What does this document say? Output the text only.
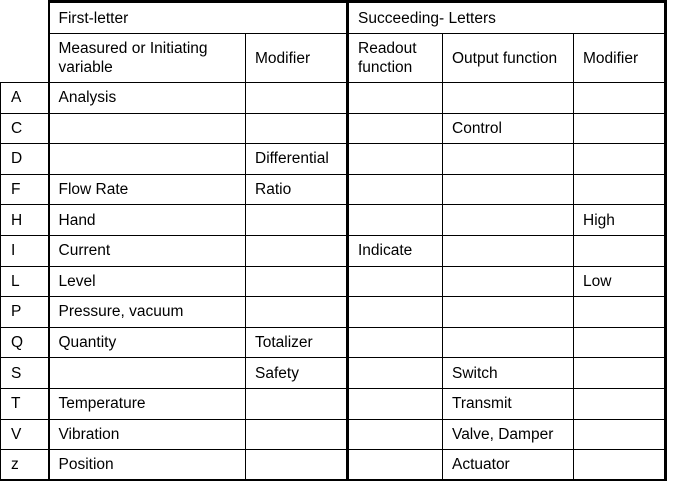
	First-letter		Succeeding- Letters		
	Measured or Initiating variable	Modifier	Readout function	Output function	Modifier
A	Analysis				
C				Control	
D		Differential			
F	Flow Rate	Ratio			
H	Hand				High
I	Current		Indicate		
L	Level				Low
P	Pressure, vacuum				
Q	Quantity	Totalizer			
S		Safety		Switch	
T	Temperature			Transmit	
V	Vibration			Valve, Damper	
z	Position			Actuator	
